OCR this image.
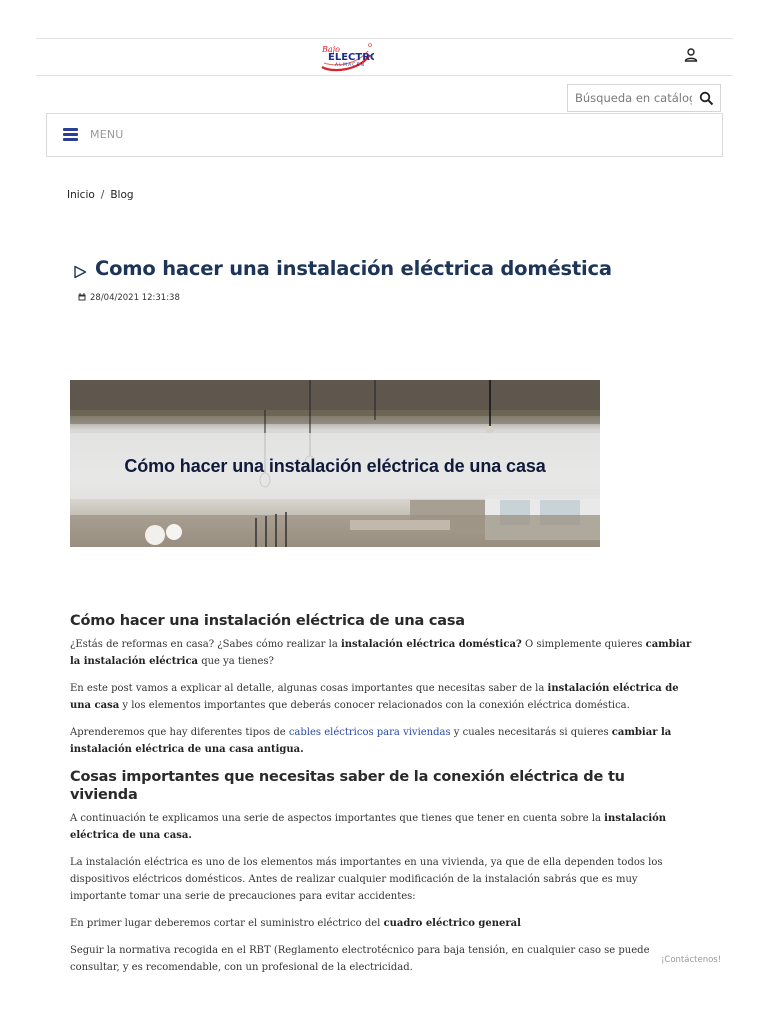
Bajo
ELECTRO
ALMACÉN
Búsqueda en catálogo
MENU
Inicio / Blog
Como hacer una instalación eléctrica doméstica
28/04/2021 12:31:38
Cómo hacer una instalación eléctrica de una casa
Cómo hacer una instalación eléctrica de una casa

¿Estás de reformas en casa? ¿Sabes cómo realizar la instalación eléctrica doméstica? O simplemente quieres cambiar la instalación eléctrica que ya tienes?

En este post vamos a explicar al detalle, algunas cosas importantes que necesitas saber de la instalación eléctrica de una casa y los elementos importantes que deberás conocer relacionados con la conexión eléctrica doméstica.

Aprenderemos que hay diferentes tipos de cables eléctricos para viviendas y cuales necesitarás si quieres cambiar la instalación eléctrica de una casa antigua.

Cosas importantes que necesitas saber de la conexión eléctrica de tu vivienda

A continuación te explicamos una serie de aspectos importantes que tienes que tener en cuenta sobre la instalación eléctrica de una casa.

La instalación eléctrica es uno de los elementos más importantes en una vivienda, ya que de ella dependen todos los dispositivos eléctricos domésticos. Antes de realizar cualquier modificación de la instalación sabrás que es muy importante tomar una serie de precauciones para evitar accidentes:

En primer lugar deberemos cortar el suministro eléctrico del cuadro eléctrico general

Seguir la normativa recogida en el RBT (Reglamento electrotécnico para baja tensión, en cualquier caso se puede consultar, y es recomendable, con un profesional de la electricidad.

¡Contáctenos!
